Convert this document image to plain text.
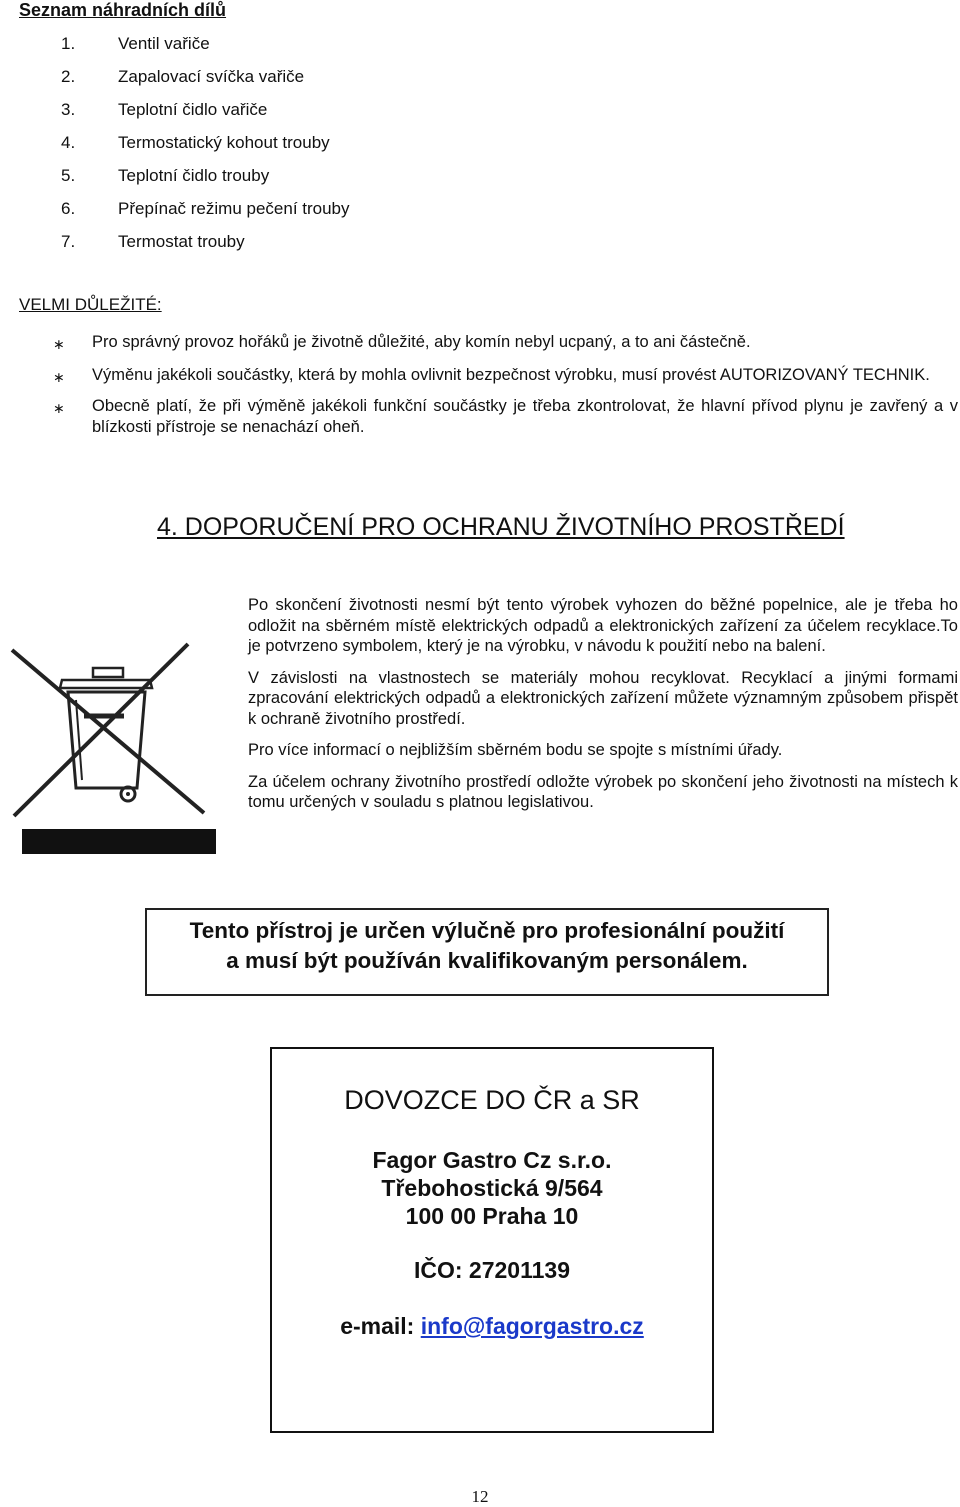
Seznam náhradních dílů
1.	Ventil vařiče
2.	Zapalovací svíčka vařiče
3.	Teplotní čidlo vařiče
4.	Termostatický kohout trouby
5.	Teplotní čidlo trouby
6.	Přepínač režimu pečení trouby
7.	Termostat trouby
VELMI DŮLEŽITÉ:
∗ Pro správný provoz hořáků je životně důležité, aby komín nebyl ucpaný, a to ani částečně.
∗ Výměnu jakékoli součástky, která by mohla ovlivnit bezpečnost výrobku, musí provést AUTORIZOVANÝ TECHNIK.
∗ Obecně platí, že při výměně jakékoli funkční součástky je třeba zkontrolovat, že hlavní přívod plynu je zavřený a v blízkosti přístroje se nenachází oheň.
4. DOPORUČENÍ PRO OCHRANU ŽIVOTNÍHO PROSTŘEDÍ

Po skončení životnosti nesmí být tento výrobek vyhozen do běžné popelnice, ale je třeba ho odložit na sběrném místě elektrických odpadů a elektronických zařízení za účelem recyklace.To je potvrzeno symbolem, který je na výrobku, v návodu k použití nebo na balení.

V závislosti na vlastnostech se materiály mohou recyklovat. Recyklací a jinými formami zpracování elektrických odpadů a elektronických zařízení můžete významným způsobem přispět k ochraně životního prostředí.

Pro více informací o nejbližším sběrném bodu se spojte s místními úřady.

Za účelem ochrany životního prostředí odložte výrobek po skončení jeho životnosti na místech k tomu určených v souladu s platnou legislativou.

Tento přístroj je určen výlučně pro profesionální použití
a musí být používán kvalifikovaným personálem.
DOVOZCE DO ČR a SR
Fagor Gastro Cz s.r.o.
Třebohostická 9/564
100 00 Praha 10
IČO: 27201139
e-mail: info@fagorgastro.cz
12
